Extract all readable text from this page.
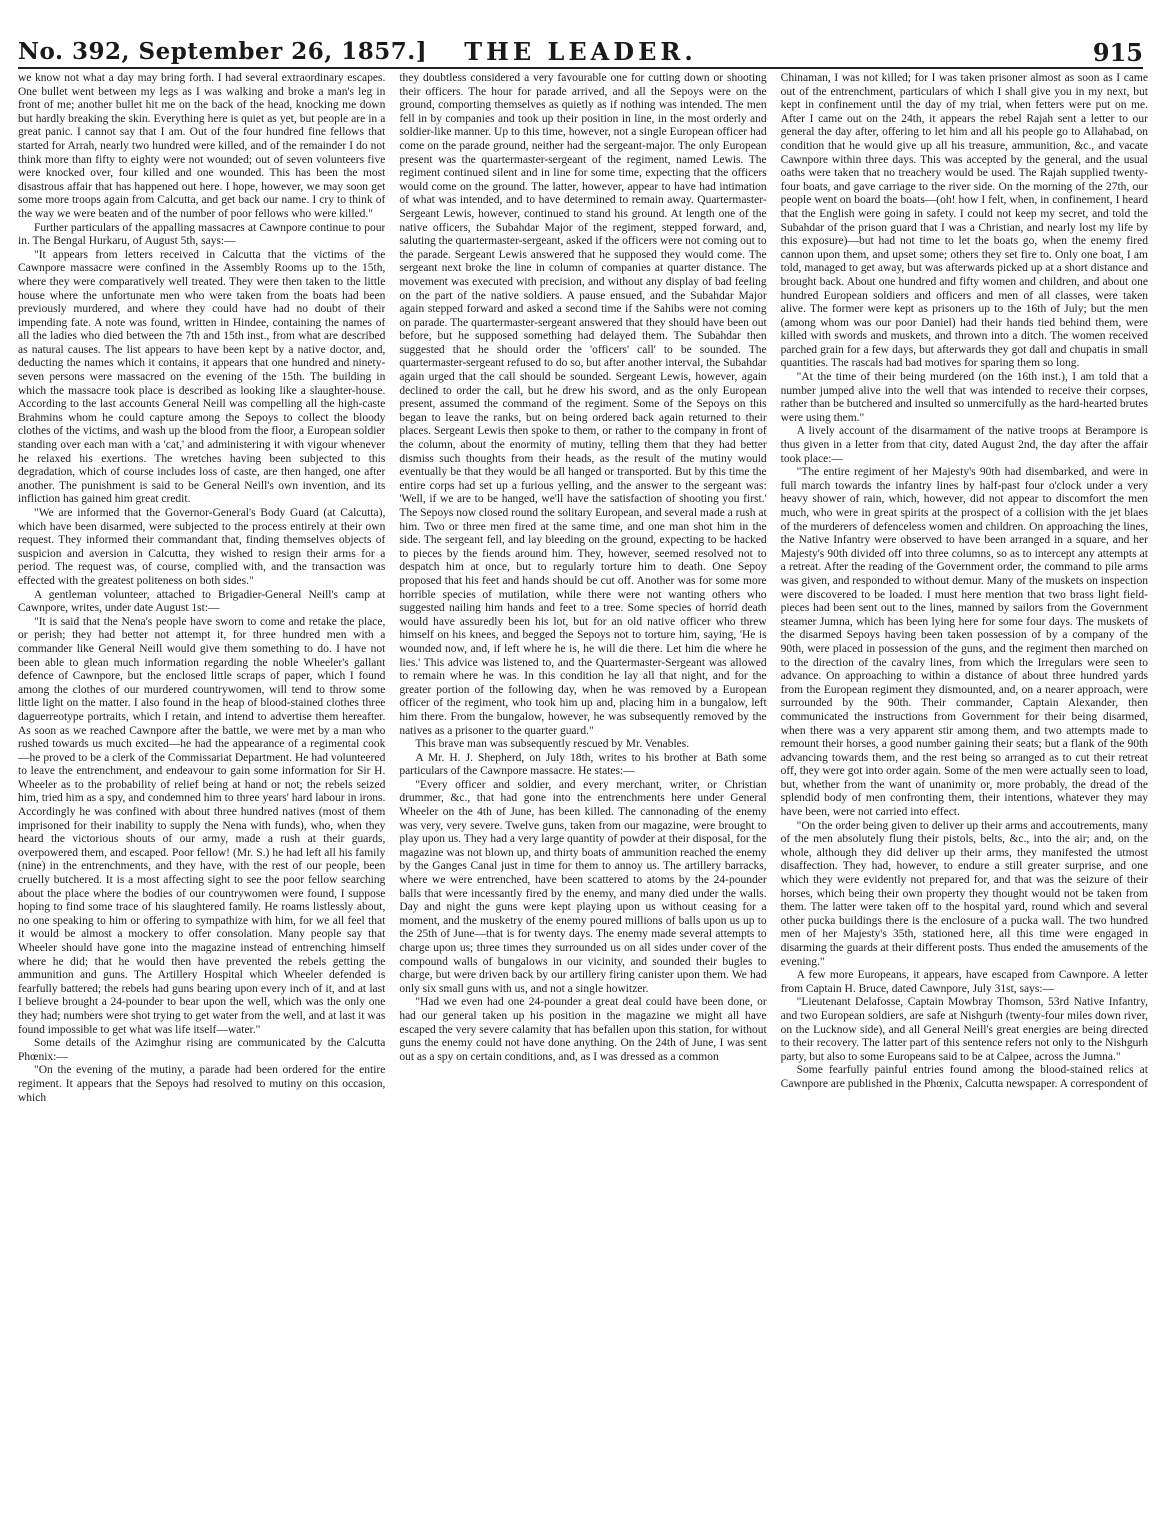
No. 392, September 26, 1857.]	THE LEADER.	915

we know not what a day may bring forth. I had several extraordinary escapes. One bullet went between my legs as I was walking and broke a man's leg in front of me; another bullet hit me on the back of the head, knocking me down but hardly breaking the skin. Everything here is quiet as yet, but people are in a great panic. I cannot say that I am. Out of the four hundred fine fellows that started for Arrah, nearly two hundred were killed, and of the remainder I do not think more than fifty to eighty were not wounded; out of seven volunteers five were knocked over, four killed and one wounded. This has been the most disastrous affair that has happened out here. I hope, however, we may soon get some more troops again from Calcutta, and get back our name. I cry to think of the way we were beaten and of the number of poor fellows who were killed."

Further particulars of the appalling massacres at Cawnpore continue to pour in. The Bengal Hurkaru, of August 5th, says:—

"It appears from letters received in Calcutta that the victims of the Cawnpore massacre were confined in the Assembly Rooms up to the 15th, where they were comparatively well treated. They were then taken to the little house where the unfortunate men who were taken from the boats had been previously murdered, and where they could have had no doubt of their impending fate. A note was found, written in Hindee, containing the names of all the ladies who died between the 7th and 15th inst., from what are described as natural causes. The list appears to have been kept by a native doctor, and, deducting the names which it contains, it appears that one hundred and ninety-seven persons were massacred on the evening of the 15th. The building in which the massacre took place is described as looking like a slaughter-house. According to the last accounts General Neill was compelling all the high-caste Brahmins whom he could capture among the Sepoys to collect the bloody clothes of the victims, and wash up the blood from the floor, a European soldier standing over each man with a 'cat,' and administering it with vigour whenever he relaxed his exertions. The wretches having been subjected to this degradation, which of course includes loss of caste, are then hanged, one after another. The punishment is said to be General Neill's own invention, and its infliction has gained him great credit.

"We are informed that the Governor-General's Body Guard (at Calcutta), which have been disarmed, were subjected to the process entirely at their own request. They informed their commandant that, finding themselves objects of suspicion and aversion in Calcutta, they wished to resign their arms for a period. The request was, of course, complied with, and the transaction was effected with the greatest politeness on both sides."

A gentleman volunteer, attached to Brigadier-General Neill's camp at Cawnpore, writes, under date August 1st:—

"It is said that the Nena's people have sworn to come and retake the place, or perish; they had better not attempt it, for three hundred men with a commander like General Neill would give them something to do. I have not been able to glean much information regarding the noble Wheeler's gallant defence of Cawnpore, but the enclosed little scraps of paper, which I found among the clothes of our murdered countrywomen, will tend to throw some little light on the matter. I also found in the heap of blood-stained clothes three daguerreotype portraits, which I retain, and intend to advertise them hereafter. As soon as we reached Cawnpore after the battle, we were met by a man who rushed towards us much excited—he had the appearance of a regimental cook—he proved to be a clerk of the Commissariat Department. He had volunteered to leave the entrenchment, and endeavour to gain some information for Sir H. Wheeler as to the probability of relief being at hand or not; the rebels seized him, tried him as a spy, and condemned him to three years' hard labour in irons. Accordingly he was confined with about three hundred natives (most of them imprisoned for their inability to supply the Nena with funds), who, when they heard the victorious shouts of our army, made a rush at their guards, overpowered them, and escaped. Poor fellow! (Mr. S.) he had left all his family (nine) in the entrenchments, and they have, with the rest of our people, been cruelly butchered. It is a most affecting sight to see the poor fellow searching about the place where the bodies of our countrywomen were found, I suppose hoping to find some trace of his slaughtered family. He roams listlessly about, no one speaking to him or offering to sympathize with him, for we all feel that it would be almost a mockery to offer consolation. Many people say that Wheeler should have gone into the magazine instead of entrenching himself where he did; that he would then have prevented the rebels getting the ammunition and guns. The Artillery Hospital which Wheeler defended is fearfully battered; the rebels had guns bearing upon every inch of it, and at last I believe brought a 24-pounder to bear upon the well, which was the only one they had; numbers were shot trying to get water from the well, and at last it was found impossible to get what was life itself—water."

Some details of the Azimghur rising are communicated by the Calcutta Phœnix:—

"On the evening of the mutiny, a parade had been ordered for the entire regiment. It appears that the Sepoys had resolved to mutiny on this occasion, which

they doubtless considered a very favourable one for cutting down or shooting their officers. The hour for parade arrived, and all the Sepoys were on the ground, comporting themselves as quietly as if nothing was intended. The men fell in by companies and took up their position in line, in the most orderly and soldier-like manner. Up to this time, however, not a single European officer had come on the parade ground, neither had the sergeant-major. The only European present was the quartermaster-sergeant of the regiment, named Lewis. The regiment continued silent and in line for some time, expecting that the officers would come on the ground. The latter, however, appear to have had intimation of what was intended, and to have determined to remain away. Quartermaster-Sergeant Lewis, however, continued to stand his ground. At length one of the native officers, the Subahdar Major of the regiment, stepped forward, and, saluting the quartermaster-sergeant, asked if the officers were not coming out to the parade. Sergeant Lewis answered that he supposed they would come. The sergeant next broke the line in column of companies at quarter distance. The movement was executed with precision, and without any display of bad feeling on the part of the native soldiers. A pause ensued, and the Subahdar Major again stepped forward and asked a second time if the Sahibs were not coming on parade. The quartermaster-sergeant answered that they should have been out before, but he supposed something had delayed them. The Subahdar then suggested that he should order the 'officers' call' to be sounded. The quartermaster-sergeant refused to do so, but after another interval, the Subahdar again urged that the call should be sounded. Sergeant Lewis, however, again declined to order the call, but he drew his sword, and as the only European present, assumed the command of the regiment. Some of the Sepoys on this began to leave the ranks, but on being ordered back again returned to their places. Sergeant Lewis then spoke to them, or rather to the company in front of the column, about the enormity of mutiny, telling them that they had better dismiss such thoughts from their heads, as the result of the mutiny would eventually be that they would be all hanged or transported. But by this time the entire corps had set up a furious yelling, and the answer to the sergeant was: 'Well, if we are to be hanged, we'll have the satisfaction of shooting you first.' The Sepoys now closed round the solitary European, and several made a rush at him. Two or three men fired at the same time, and one man shot him in the side. The sergeant fell, and lay bleeding on the ground, expecting to be hacked to pieces by the fiends around him. They, however, seemed resolved not to despatch him at once, but to regularly torture him to death. One Sepoy proposed that his feet and hands should be cut off. Another was for some more horrible species of mutilation, while there were not wanting others who suggested nailing him hands and feet to a tree. Some species of horrid death would have assuredly been his lot, but for an old native officer who threw himself on his knees, and begged the Sepoys not to torture him, saying, 'He is wounded now, and, if left where he is, he will die there. Let him die where he lies.' This advice was listened to, and the Quartermaster-Sergeant was allowed to remain where he was. In this condition he lay all that night, and for the greater portion of the following day, when he was removed by a European officer of the regiment, who took him up and, placing him in a bungalow, left him there. From the bungalow, however, he was subsequently removed by the natives as a prisoner to the quarter guard."

This brave man was subsequently rescued by Mr. Venables.

A Mr. H. J. Shepherd, on July 18th, writes to his brother at Bath some particulars of the Cawnpore massacre. He states:—

"Every officer and soldier, and every merchant, writer, or Christian drummer, &c., that had gone into the entrenchments here under General Wheeler on the 4th of June, has been killed. The cannonading of the enemy was very, very severe. Twelve guns, taken from our magazine, were brought to play upon us. They had a very large quantity of powder at their disposal, for the magazine was not blown up, and thirty boats of ammunition reached the enemy by the Ganges Canal just in time for them to annoy us. The artillery barracks, where we were entrenched, have been scattered to atoms by the 24-pounder balls that were incessantly fired by the enemy, and many died under the walls. Day and night the guns were kept playing upon us without ceasing for a moment, and the musketry of the enemy poured millions of balls upon us up to the 25th of June—that is for twenty days. The enemy made several attempts to charge upon us; three times they surrounded us on all sides under cover of the compound walls of bungalows in our vicinity, and sounded their bugles to charge, but were driven back by our artillery firing canister upon them. We had only six small guns with us, and not a single howitzer.

"Had we even had one 24-pounder a great deal could have been done, or had our general taken up his position in the magazine we might all have escaped the very severe calamity that has befallen upon this station, for without guns the enemy could not have done anything. On the 24th of June, I was sent out as a spy on certain conditions, and, as I was dressed as a common

Chinaman, I was not killed; for I was taken prisoner almost as soon as I came out of the entrenchment, particulars of which I shall give you in my next, but kept in confinement until the day of my trial, when fetters were put on me. After I came out on the 24th, it appears the rebel Rajah sent a letter to our general the day after, offering to let him and all his people go to Allahabad, on condition that he would give up all his treasure, ammunition, &c., and vacate Cawnpore within three days. This was accepted by the general, and the usual oaths were taken that no treachery would be used. The Rajah supplied twenty-four boats, and gave carriage to the river side. On the morning of the 27th, our people went on board the boats—(oh! how I felt, when, in confinement, I heard that the English were going in safety. I could not keep my secret, and told the Subahdar of the prison guard that I was a Christian, and nearly lost my life by this exposure)—but had not time to let the boats go, when the enemy fired cannon upon them, and upset some; others they set fire to. Only one boat, I am told, managed to get away, but was afterwards picked up at a short distance and brought back. About one hundred and fifty women and children, and about one hundred European soldiers and officers and men of all classes, were taken alive. The former were kept as prisoners up to the 16th of July; but the men (among whom was our poor Daniel) had their hands tied behind them, were killed with swords and muskets, and thrown into a ditch. The women received parched grain for a few days, but afterwards they got dall and chupatis in small quantities. The rascals had bad motives for sparing them so long.

"At the time of their being murdered (on the 16th inst.), I am told that a number jumped alive into the well that was intended to receive their corpses, rather than be butchered and insulted so unmercifully as the hard-hearted brutes were using them."

A lively account of the disarmament of the native troops at Berampore is thus given in a letter from that city, dated August 2nd, the day after the affair took place:—

"The entire regiment of her Majesty's 90th had disembarked, and were in full march towards the infantry lines by half-past four o'clock under a very heavy shower of rain, which, however, did not appear to discomfort the men much, who were in great spirits at the prospect of a collision with the jet blaes of the murderers of defenceless women and children. On approaching the lines, the Native Infantry were observed to have been arranged in a square, and her Majesty's 90th divided off into three columns, so as to intercept any attempts at a retreat. After the reading of the Government order, the command to pile arms was given, and responded to without demur. Many of the muskets on inspection were discovered to be loaded. I must here mention that two brass light field-pieces had been sent out to the lines, manned by sailors from the Government steamer Jumna, which has been lying here for some four days. The muskets of the disarmed Sepoys having been taken possession of by a company of the 90th, were placed in possession of the guns, and the regiment then marched on to the direction of the cavalry lines, from which the Irregulars were seen to advance. On approaching to within a distance of about three hundred yards from the European regiment they dismounted, and, on a nearer approach, were surrounded by the 90th. Their commander, Captain Alexander, then communicated the instructions from Government for their being disarmed, when there was a very apparent stir among them, and two attempts made to remount their horses, a good number gaining their seats; but a flank of the 90th advancing towards them, and the rest being so arranged as to cut their retreat off, they were got into order again. Some of the men were actually seen to load, but, whether from the want of unanimity or, more probably, the dread of the splendid body of men confronting them, their intentions, whatever they may have been, were not carried into effect.

"On the order being given to deliver up their arms and accoutrements, many of the men absolutely flung their pistols, belts, &c., into the air; and, on the whole, although they did deliver up their arms, they manifested the utmost disaffection. They had, however, to endure a still greater surprise, and one which they were evidently not prepared for, and that was the seizure of their horses, which being their own property they thought would not be taken from them. The latter were taken off to the hospital yard, round which and several other pucka buildings there is the enclosure of a pucka wall. The two hundred men of her Majesty's 35th, stationed here, all this time were engaged in disarming the guards at their different posts. Thus ended the amusements of the evening."

A few more Europeans, it appears, have escaped from Cawnpore. A letter from Captain H. Bruce, dated Cawnpore, July 31st, says:—

"Lieutenant Delafosse, Captain Mowbray Thomson, 53rd Native Infantry, and two European soldiers, are safe at Nishgurh (twenty-four miles down river, on the Lucknow side), and all General Neill's great energies are being directed to their recovery. The latter part of this sentence refers not only to the Nishgurh party, but also to some Europeans said to be at Calpee, across the Jumna."

Some fearfully painful entries found among the blood-stained relics at Cawnpore are published in the Phœnix, Calcutta newspaper. A correspondent of
